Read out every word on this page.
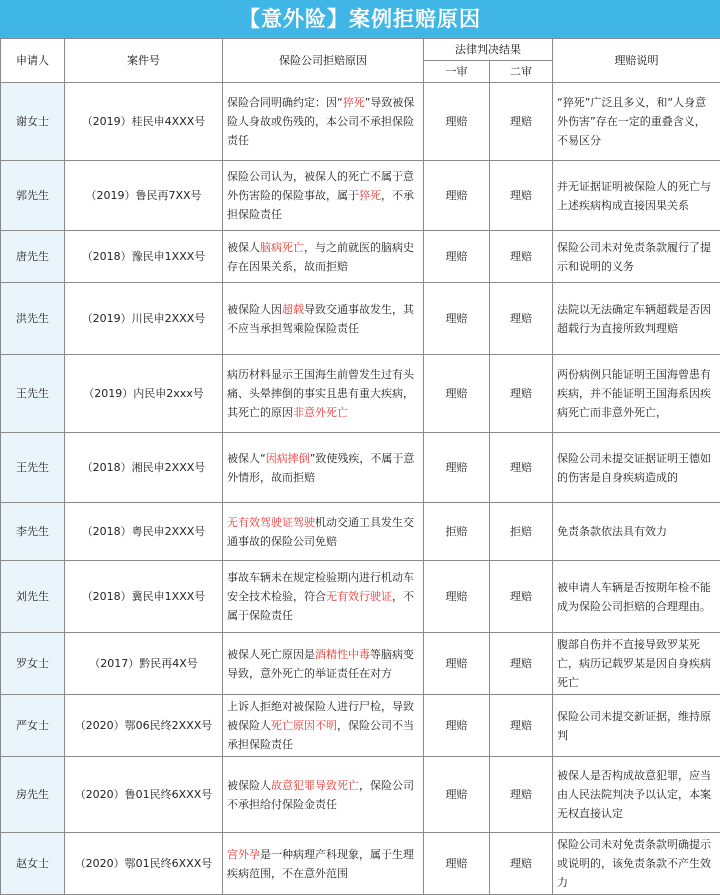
【意外险】案例拒赔原因
申请人	案件号	保险公司拒赔原因	法律判决结果		理赔说明
			一审	二审	
谢女士	（2019）桂民申4XXX号	保险合同明确约定：因“猝死”导致被保险人身故或伤残的，本公司不承担保险责任	理赔	理赔	“猝死”广泛且多义，和“人身意外伤害”存在一定的重叠含义，不易区分
郭先生	（2019）鲁民再7XX号	保险公司认为，被保人的死亡不属于意外伤害险的保险事故，属于猝死，不承担保险责任	理赔	理赔	并无证据证明被保险人的死亡与上述疾病构成直接因果关系
唐先生	（2018）豫民申1XXX号	被保人脑病死亡，与之前就医的脑病史存在因果关系，故而拒赔	理赔	理赔	保险公司未对免责条款履行了提示和说明的义务
洪先生	（2019）川民申2XXX号	被保险人因超载导致交通事故发生，其不应当承担驾乘险保险责任	理赔	理赔	法院以无法确定车辆超载是否因超载行为直接所致判理赔
王先生	（2019）内民申2xxx号	病历材料显示王国海生前曾发生过有头痛、头晕摔倒的事实且患有重大疾病，其死亡的原因非意外死亡	理赔	理赔	两份病例只能证明王国海曾患有疾病，并不能证明王国海系因疾病死亡而非意外死亡，
王先生	（2018）湘民申2XXX号	被保人“因病摔倒”致使残疾，不属于意外情形，故而拒赔	理赔	理赔	保险公司未提交证据证明王德如的伤害是自身疾病造成的
李先生	（2018）粤民申2XXX号	无有效驾驶证驾驶机动交通工具发生交通事故的保险公司免赔	拒赔	拒赔	免责条款依法具有效力
刘先生	（2018）冀民申1XXX号	事故车辆未在规定检验期内进行机动车安全技术检验，符合无有效行驶证，不属于保险责任	理赔	理赔	被申请人车辆是否按期年检不能成为保险公司拒赔的合理理由。
罗女士	（2017）黔民再4X号	被保人死亡原因是酒精性中毒等脑病变导致，意外死亡的举证责任在对方	理赔	理赔	腹部自伤并不直接导致罗某死亡，病历记载罗某是因自身疾病死亡
严女士	（2020）鄂06民终2XXX号	上诉人拒绝对被保险人进行尸检，导致被保险人死亡原因不明，保险公司不当承担保险责任	理赔	理赔	保险公司未提交新证据，维持原判
房先生	（2020）鲁01民终6XXX号	被保险人故意犯罪导致死亡，保险公司不承担给付保险金责任	理赔	理赔	被保人是否构成故意犯罪，应当由人民法院判决予以认定，本案无权直接认定
赵女士	（2020）鄂01民终6XXX号	宫外孕是一种病理产科现象，属于生理疾病范围，不在意外范围	理赔	理赔	保险公司未对免责条款明确提示或说明的，该免责条款不产生效力
